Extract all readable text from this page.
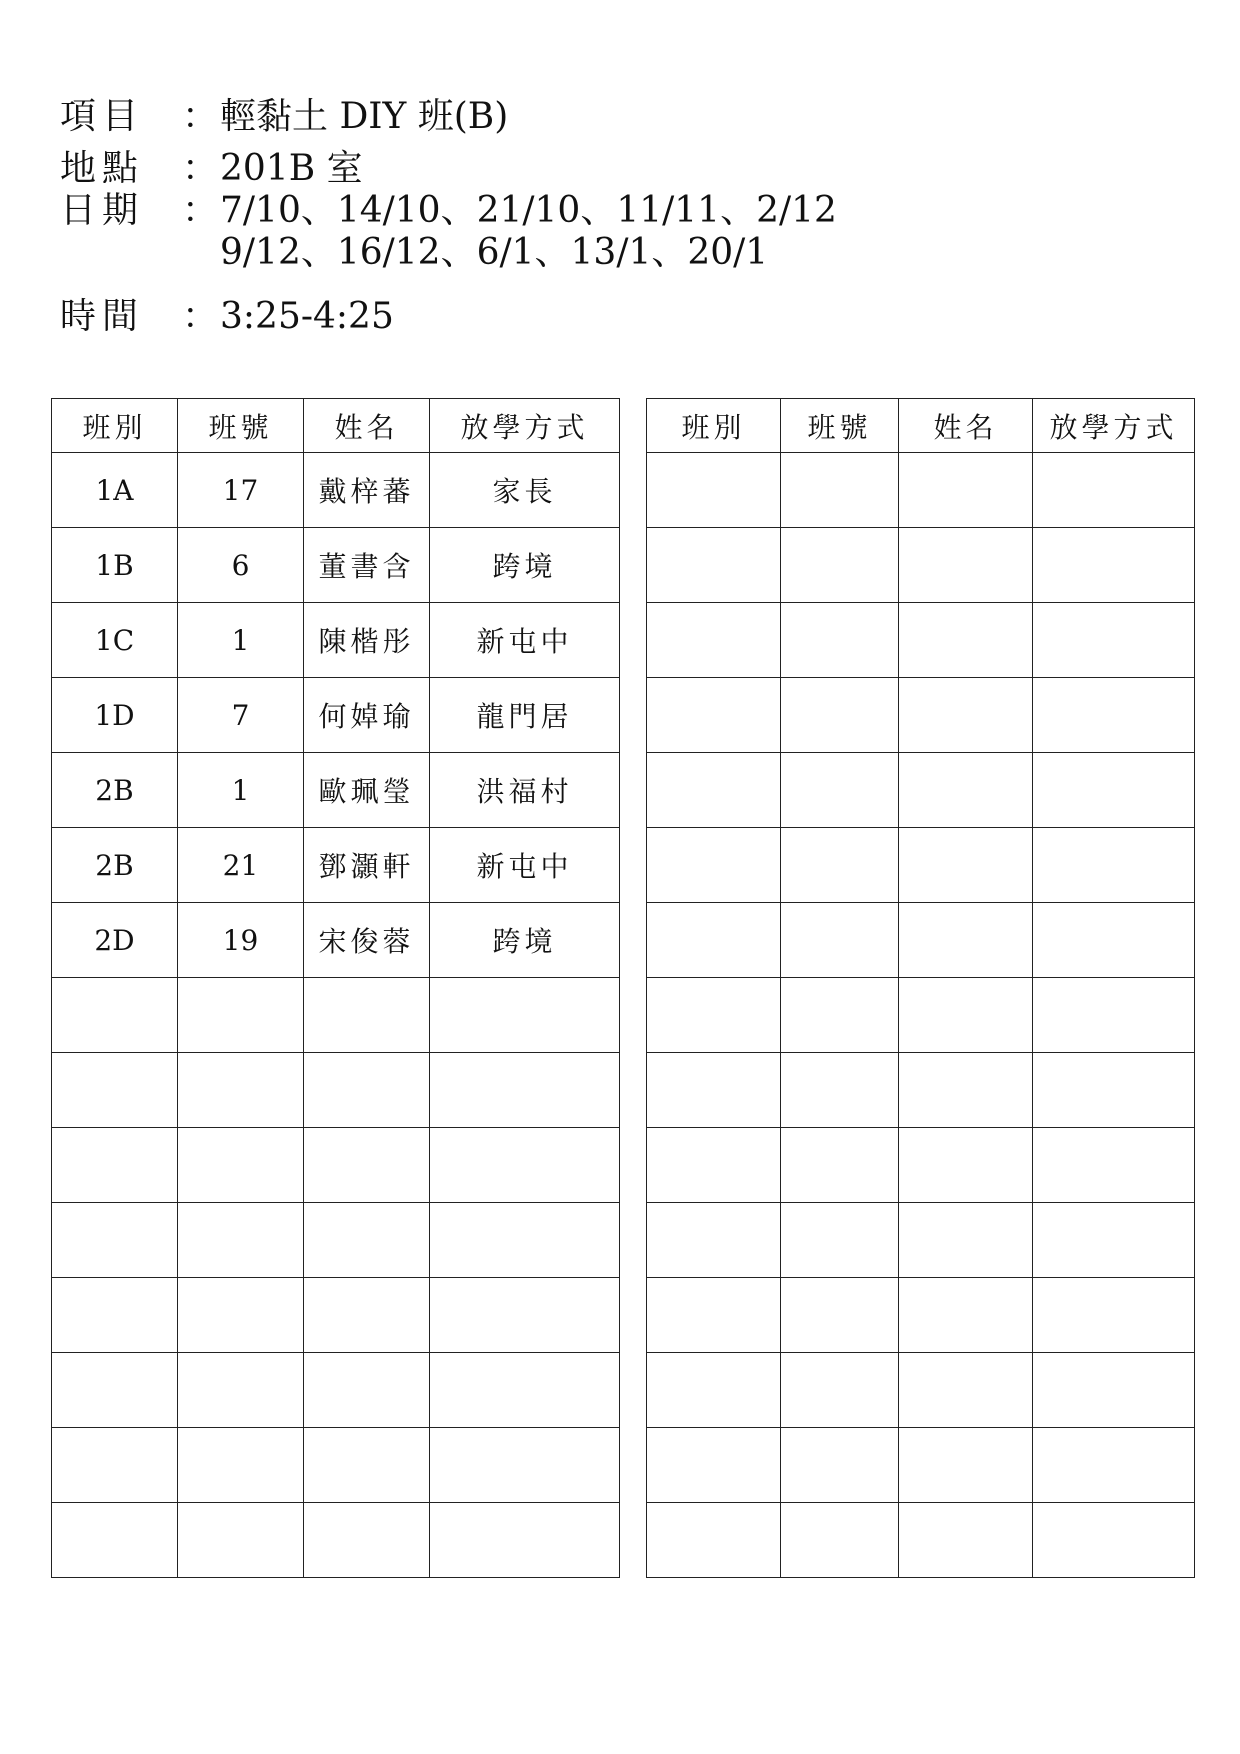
項目	： 輕黏土 DIY 班(B)
地點	： 201B 室
日期	： 7/10、14/10、21/10、11/11、2/12
9/12、16/12、6/1、13/1、20/1
時間	： 3:25-4:25
班別	班號	姓名	放學方式
1A	17	戴梓蕃	家長
1B	6	董書含	跨境
1C	1	陳楷彤	新屯中
1D	7	何婥瑜	龍門居
2B	1	歐珮瑩	洪福村
2B	21	鄧灝軒	新屯中
2D	19	宋俊蓉	跨境

班別	班號	姓名	放學方式
